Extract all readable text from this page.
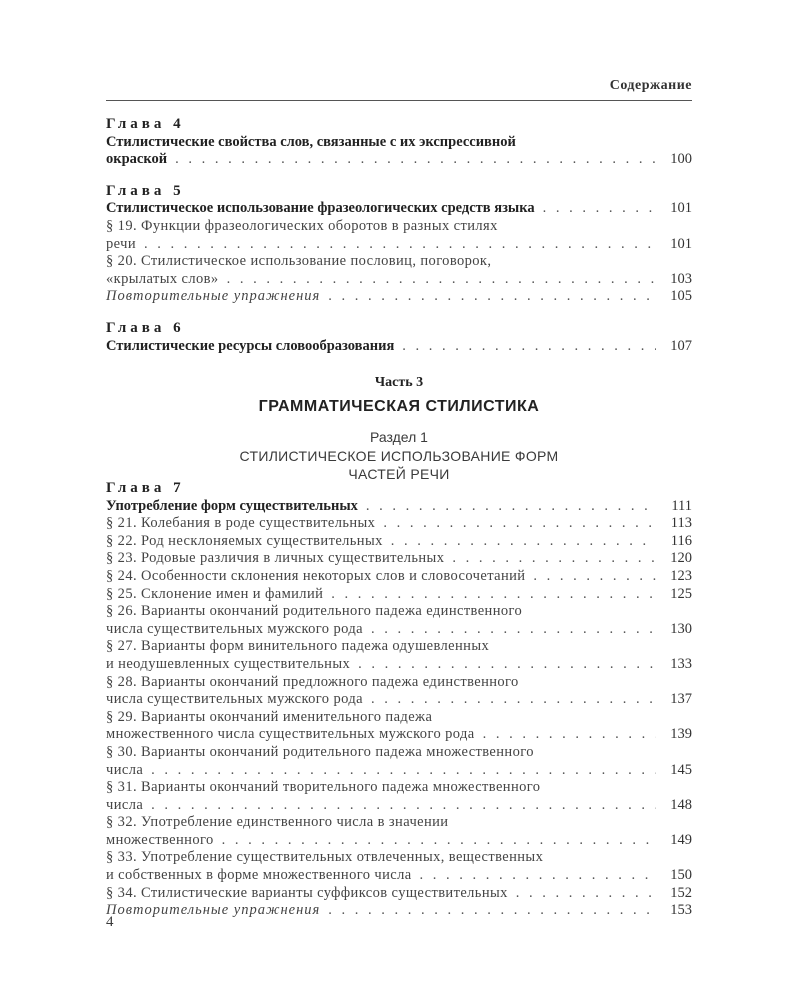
Содержание
Глава 4
Стилистические свойства слов, связанные с их экспрессивной
окраской . . .	100
Глава 5
Стилистическое использование фразеологических средств языка . . .	101
§ 19. Функции фразеологических оборотов в разных стилях
речи . . .	101
§ 20. Стилистическое использование пословиц, поговорок,
«крылатых слов» . . .	103
Повторительные упражнения . . .	105
Глава 6
Стилистические ресурсы словообразования . . .	107
Часть 3
ГРАММАТИЧЕСКАЯ СТИЛИСТИКА
Раздел 1
СТИЛИСТИЧЕСКОЕ ИСПОЛЬЗОВАНИЕ ФОРМ
ЧАСТЕЙ РЕЧИ
Глава 7
Употребление форм существительных . . .	111
§ 21. Колебания в роде существительных . . .	113
§ 22. Род несклоняемых существительных . . .	116
§ 23. Родовые различия в личных существительных . . .	120
§ 24. Особенности склонения некоторых слов и словосочетаний . . .	123
§ 25. Склонение имен и фамилий . . .	125
§ 26. Варианты окончаний родительного падежа единственного
числа существительных мужского рода . . .	130
§ 27. Варианты форм винительного падежа одушевленных
и неодушевленных существительных . . .	133
§ 28. Варианты окончаний предложного падежа единственного
числа существительных мужского рода . . .	137
§ 29. Варианты окончаний именительного падежа
множественного числа существительных мужского рода . . .	139
§ 30. Варианты окончаний родительного падежа множественного
числа . . .	145
§ 31. Варианты окончаний творительного падежа множественного
числа . . .	148
§ 32. Употребление единственного числа в значении
множественного . . .	149
§ 33. Употребление существительных отвлеченных, вещественных
и собственных в форме множественного числа . . .	150
§ 34. Стилистические варианты суффиксов существительных . . .	152
Повторительные упражнения . . .	153
4
